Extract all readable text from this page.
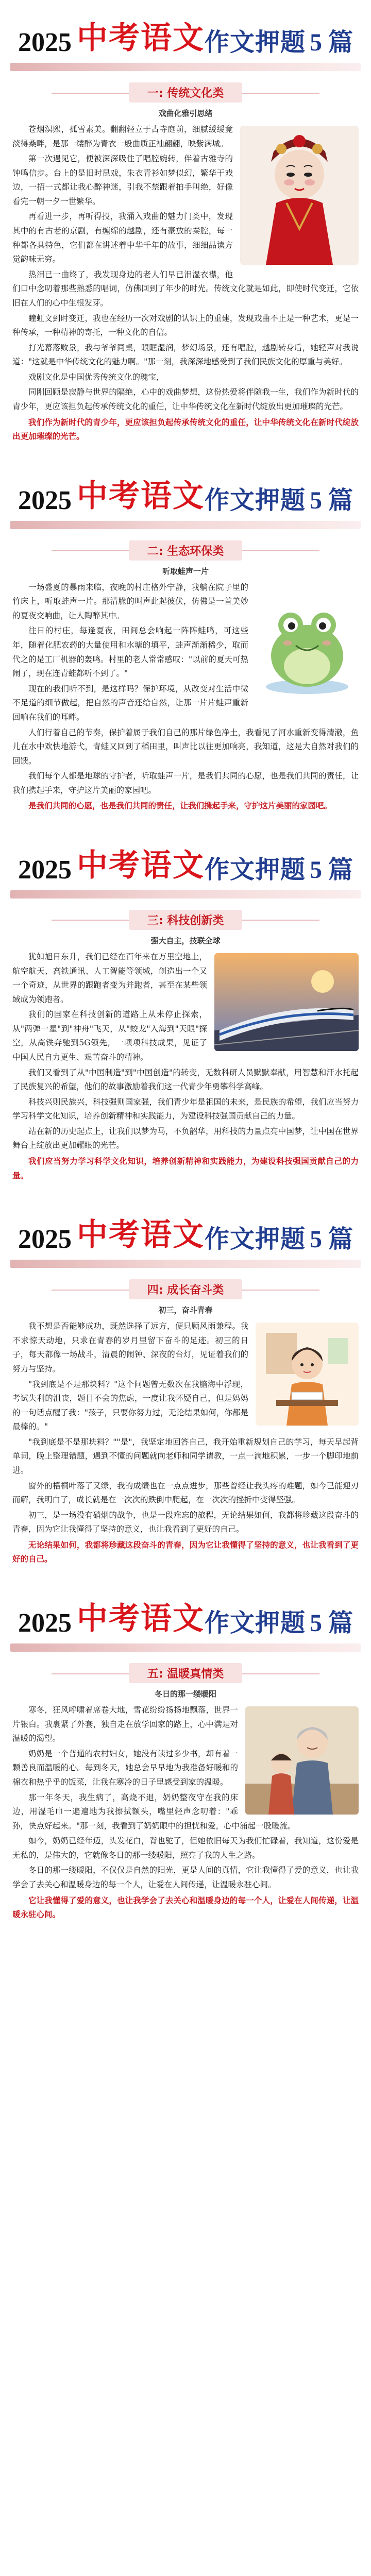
2025 中考语文 作文押题 5 篇
一: 传统文化类
戏曲化雅引思绪

苍烟溟熙，孤雪素美。翻翻轻立于古寺庭前，细腻缓缓竟淡得桑畔，是那一缕醉为青衣一般曲质正袖翩翩，映紫满城。

第一次遇见它，便被深深吸住了唱腔婉转，伴着古雅寺的钟鸣信步。台上的是旧时昆戏，朱衣青衫如梦似幻，繁华于戏边，一招一式都让我心醉神迷，引我不禁跟着拍手叫绝，好像看完一朝一夕一世繁华。

再看进一步，再听得投，我涌入戏曲的魅力门类中，发现其中的有古老的京剧，有缠绵的越剧，还有豪放的秦腔，每一种都各具特色，它们都在讲述着中华千年的故事，细细品读方觉韵味无穷。

热泪已一曲终了，我发现身边的老人们早已泪湿衣襟，他们口中念叨着那些熟悉的唱词，仿佛回到了年少的时光。传统文化就是如此，即使时代变迁，它依旧在人们的心中生根发芽。

瞳虹文到时变迁，我也在经历一次对戏剧的认识上的重建，发现戏曲不止是一种艺术，更是一种传承，一种精神的寄托，一种文化的自信。

打光幕落败景，我与爷爷同桌，眼眶湿润，梦幻场景，还有唱腔，越剧转身后，她轻声对我说道："这就是中华传统文化的魅力啊。"那一刻，我深深地感受到了我们民族文化的厚重与美好。

戏剧文化是中国优秀传统文化的瑰宝，

同刚回顾是寂静与世界的隔绝，心中的戏曲梦想，这份热爱将伴随我一生，我们作为新时代的青少年，更应该担负起传承传统文化的重任，让中华传统文化在新时代绽放出更加璀璨的光芒。

我们作为新时代的青少年，更应该担负起传承传统文化的重任，让中华传统文化在新时代绽放出更加璀璨的光芒。

2025 中考语文 作文押题 5 篇
二: 生态环保类
听取蛙声一片

一场盛夏的暴雨来临，夜晚的村庄格外宁静，我躺在院子里的竹床上，听取蛙声一片。那清脆的叫声此起彼伏，仿佛是一首美妙的夏夜交响曲，让人陶醉其中。

往日的村庄，每逢夏夜，田间总会响起一阵阵蛙鸣，可这些年，随着化肥农药的大量使用和水塘的填平，蛙声渐渐稀少，取而代之的是工厂机器的轰鸣。村里的老人常常感叹："以前的夏天可热闹了，现在连青蛙都听不到了。"

现在的我们听不到，是这样吗？保护环境，从改变对生活中微不足道的细节做起，把自然的声音还给自然，让那一片片蛙声重新回响在我们的耳畔。

人们行着自己的节奏，保护着属于我们自己的那片绿色净土，我看见了河水重新变得清澈，鱼儿在水中欢快地游弋，青蛙又回到了稻田里，叫声比以往更加响亮，我知道，这是大自然对我们的回馈。

我们每个人都是地球的守护者，听取蛙声一片，是我们共同的心愿，也是我们共同的责任，让我们携起手来，守护这片美丽的家园吧。

是我们共同的心愿，也是我们共同的责任，让我们携起手来，守护这片美丽的家园吧。

2025 中考语文 作文押题 5 篇
三: 科技创新类
强大自主，技联全球

犹如旭日东升，我们已经在百年来在万里空地上，航空航天、高铁通讯、人工智能等领域，创造出一个又一个奇迹，从世界的跟跑者变为并跑者，甚至在某些领域成为领跑者。

我们的国家在科技创新的道路上从未停止探索，从"两弹一星"到"神舟"飞天，从"蛟龙"入海到"天眼"探空，从高铁奔驰到5G领先，一项项科技成果，见证了中国人民自力更生、艰苦奋斗的精神。

我们又看到了从"中国制造"到"中国创造"的转变，无数科研人员默默奉献，用智慧和汗水托起了民族复兴的希望，他们的故事激励着我们这一代青少年勇攀科学高峰。

科技兴则民族兴，科技强则国家强，我们青少年是祖国的未来，是民族的希望，我们应当努力学习科学文化知识，培养创新精神和实践能力，为建设科技强国贡献自己的力量。

站在新的历史起点上，让我们以梦为马，不负韶华，用科技的力量点亮中国梦，让中国在世界舞台上绽放出更加耀眼的光芒。

我们应当努力学习科学文化知识，培养创新精神和实践能力，为建设科技强国贡献自己的力量。

2025 中考语文 作文押题 5 篇
四: 成长奋斗类
初三，奋斗青春

我不想是否能够成功，既然选择了远方，便只顾风雨兼程。我不求惊天动地，只求在青春的岁月里留下奋斗的足迹。初三的日子，每天都像一场战斗，清晨的闹钟、深夜的台灯，见证着我们的努力与坚持。

"我到底是不是那块料？"这个问题曾无数次在我脑海中浮现，考试失利的沮丧，题目不会的焦虑，一度让我怀疑自己，但是妈妈的一句话点醒了我："孩子，只要你努力过，无论结果如何，你都是最棒的。"

"我到底是不是那块料？""是"，我坚定地回答自己，我开始重新规划自己的学习，每天早起背单词，晚上整理错题，遇到不懂的问题就向老师和同学请教，一点一滴地积累，一步一个脚印地前进。

窗外的梧桐叶落了又绿，我的成绩也在一点点进步，那些曾经让我头疼的难题，如今已能迎刃而解，我明白了，成长就是在一次次的跌倒中爬起，在一次次的挫折中变得坚强。

初三，是一场没有硝烟的战争，也是一段难忘的旅程，无论结果如何，我都将珍藏这段奋斗的青春，因为它让我懂得了坚持的意义，也让我看到了更好的自己。

无论结果如何，我都将珍藏这段奋斗的青春，因为它让我懂得了坚持的意义，也让我看到了更好的自己。

2025 中考语文 作文押题 5 篇
五: 温暖真情类
冬日的那一缕暖阳

寒冬，狂风呼啸着席卷大地，雪花纷纷扬扬地飘落，世界一片银白。我裹紧了外套，独自走在放学回家的路上，心中满是对温暖的渴望。

奶奶是一个普通的农村妇女，她没有读过多少书，却有着一颗善良而温暖的心。每到冬天，她总会早早地为我准备好暖和的棉衣和热乎乎的饭菜，让我在寒冷的日子里感受到家的温暖。

那一年冬天，我生病了，高烧不退，奶奶整夜守在我的床边，用湿毛巾一遍遍地为我擦拭额头，嘴里轻声念叨着："乖孙，快点好起来。"那一刻，我看到了奶奶眼中的担忧和爱，心中涌起一股暖流。

如今，奶奶已经年迈，头发花白，背也驼了，但她依旧每天为我们忙碌着，我知道，这份爱是无私的，是伟大的，它就像冬日的那一缕暖阳，照亮了我的人生之路。

冬日的那一缕暖阳，不仅仅是自然的阳光，更是人间的真情，它让我懂得了爱的意义，也让我学会了去关心和温暖身边的每一个人，让爱在人间传递，让温暖永驻心间。

它让我懂得了爱的意义，也让我学会了去关心和温暖身边的每一个人，让爱在人间传递，让温暖永驻心间。
